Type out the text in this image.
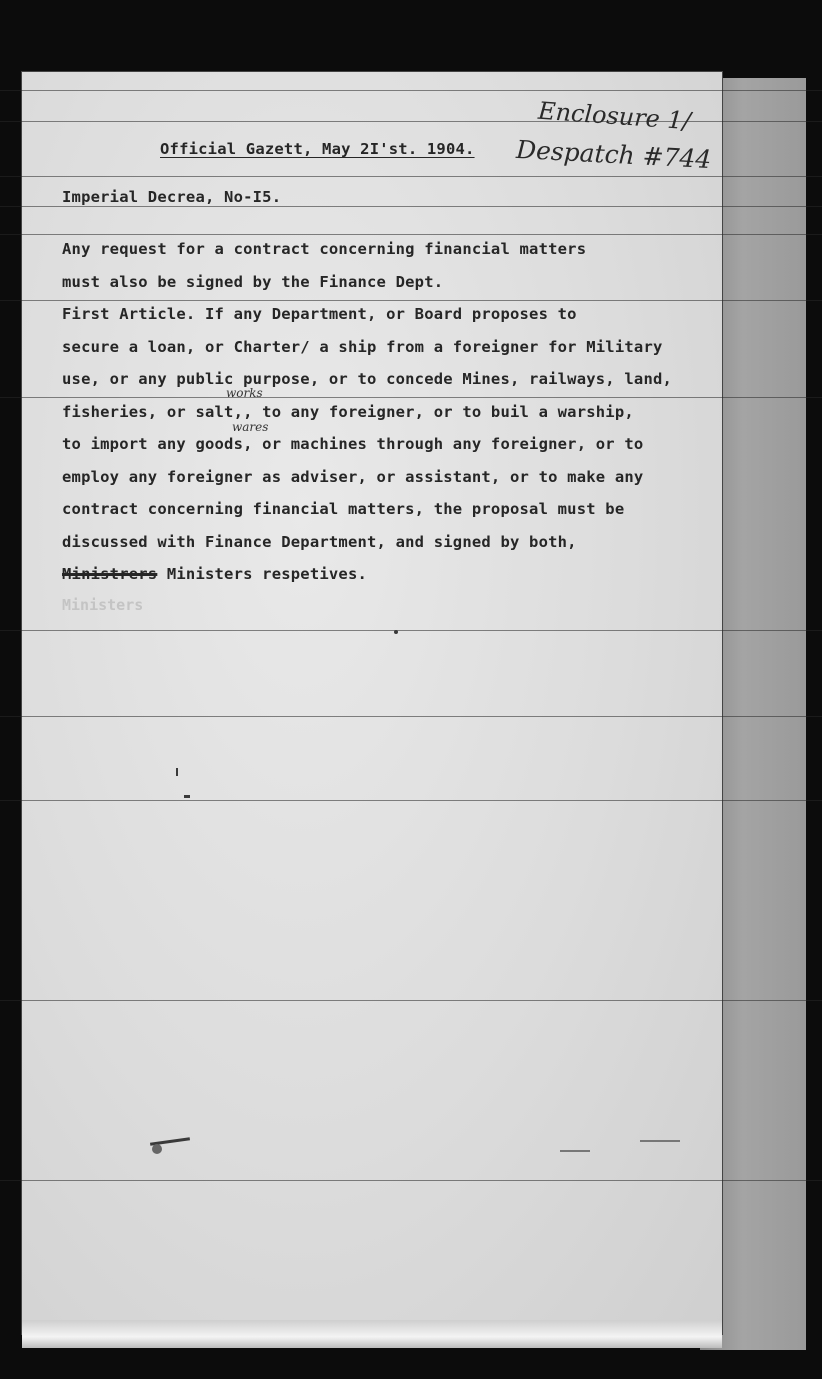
Enclosure 1/
Despatch #744
Official Gazett, May 2I'st. 1904.
Imperial Decrea, No-I5.
Any request for a contract concerning financial matters
must also be signed by the Finance Dept.
First Article. If any Department, or Board proposes to
secure a loan, or Charter/ a ship from a foreigner for Military
use, or any public purpose, or to concede Mines, railways, land,
fisheries, or salt,, to any foreigner, or to buil a warship,
to import any goods, or machines through any foreigner, or to
employ any foreigner as adviser, or assistant, or to make any
contract concerning financial matters, the proposal must be
discussed with Finance Department, and signed by both,
Ministrers Ministers respetives.
works
wares
Ministers
